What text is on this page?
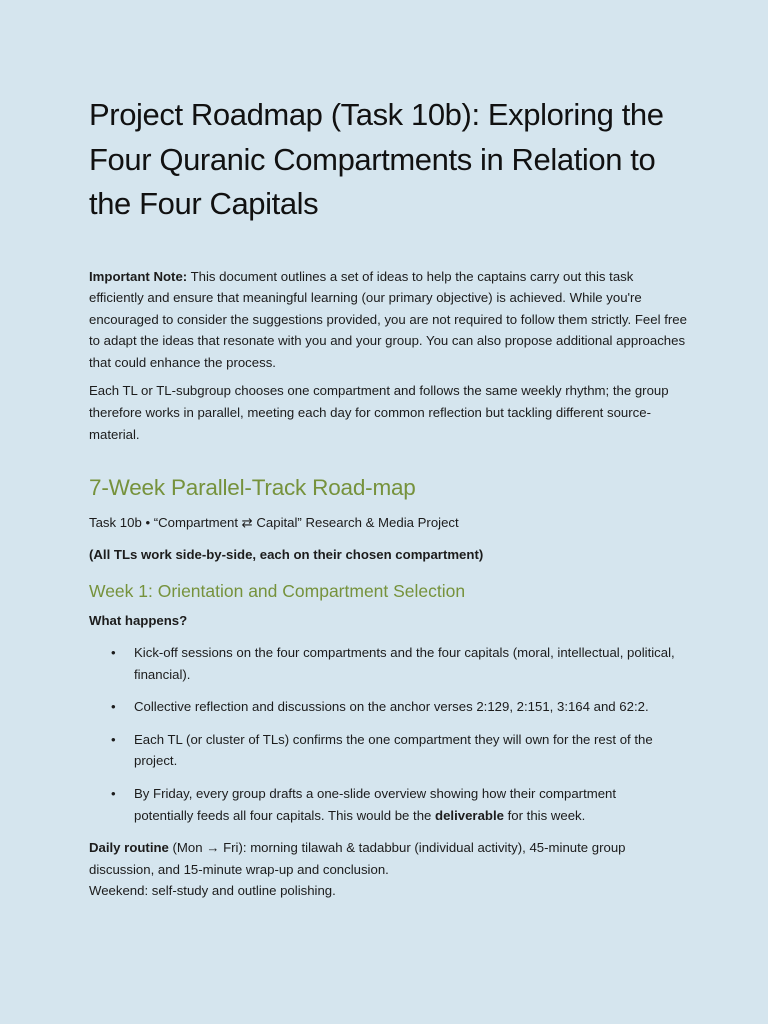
Project Roadmap (Task 10b): Exploring the Four Quranic Compartments in Relation to the Four Capitals

Important Note: This document outlines a set of ideas to help the captains carry out this task efficiently and ensure that meaningful learning (our primary objective) is achieved. While you're encouraged to consider the suggestions provided, you are not required to follow them strictly. Feel free to adapt the ideas that resonate with you and your group. You can also propose additional approaches that could enhance the process.

Each TL or TL-subgroup chooses one compartment and follows the same weekly rhythm; the group therefore works in parallel, meeting each day for common reflection but tackling different source-material.

7-Week Parallel-Track Road-map

Task 10b • “Compartment ⇄ Capital” Research & Media Project

(All TLs work side-by-side, each on their chosen compartment)

Week 1: Orientation and Compartment Selection

What happens?

• Kick-off sessions on the four compartments and the four capitals (moral, intellectual, political, financial).
• Collective reflection and discussions on the anchor verses 2:129, 2:151, 3:164 and 62:2.
• Each TL (or cluster of TLs) confirms the one compartment they will own for the rest of the project.
• By Friday, every group drafts a one-slide overview showing how their compartment potentially feeds all four capitals. This would be the deliverable for this week.

Daily routine (Mon → Fri): morning tilawah & tadabbur (individual activity), 45-minute group discussion, and 15-minute wrap-up and conclusion.
Weekend: self-study and outline polishing.
